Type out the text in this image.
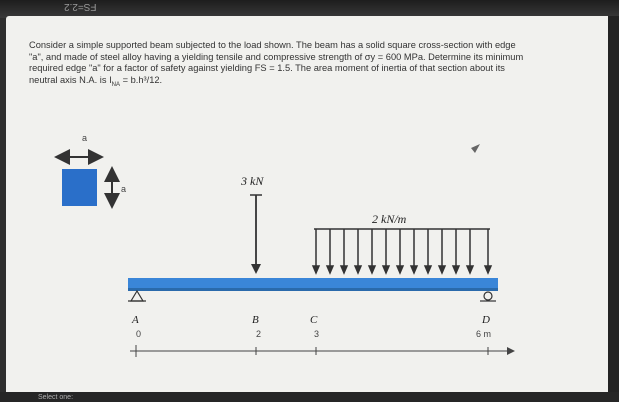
FS=2.2

Consider a simple supported beam subjected to the load shown. The beam has a solid square cross-section with edge
"a", and made of steel alloy having a yielding tensile and compressive strength of σy = 600 MPa. Determine its minimum
required edge "a" for a factor of safety against yielding FS = 1.5. The area moment of inertia of that section about its
neutral axis N.A. is $I_{NA} = b.h^3/12$.

a
a
3 kN
2 kN/m
A	B	C	D
0	2	3	6 m
Select one:
